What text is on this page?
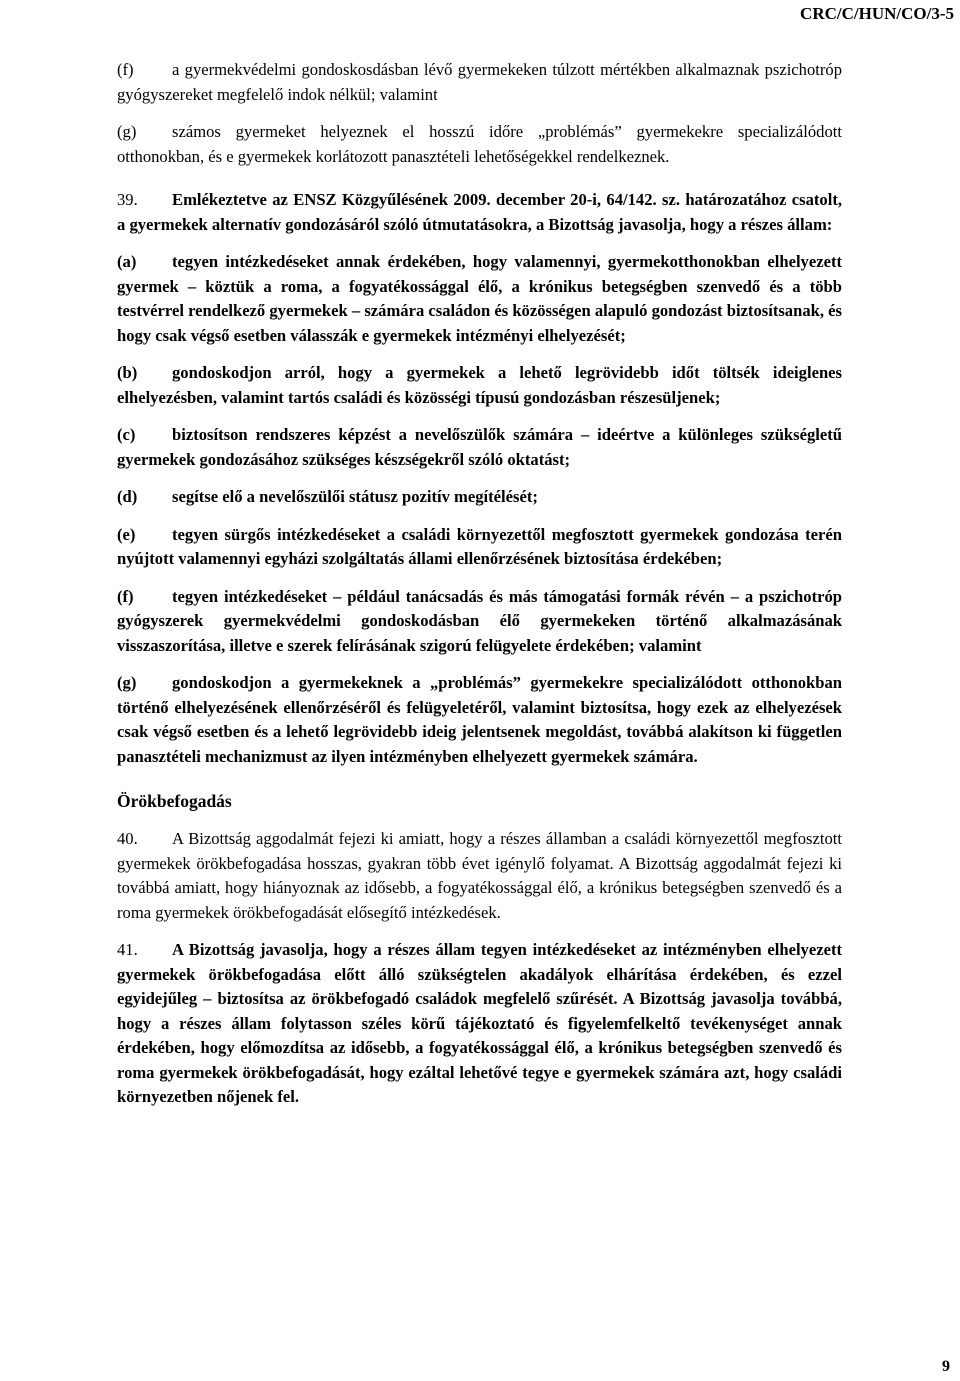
CRC/C/HUN/CO/3-5

(f) a gyermekvédelmi gondoskosdásban lévő gyermekeken túlzott mértékben alkalmaznak pszichotróp gyógyszereket megfelelő indok nélkül; valamint

(g) számos gyermeket helyeznek el hosszú időre „problémás” gyermekekre specializálódott otthonokban, és e gyermekek korlátozott panasztételi lehetőségekkel rendelkeznek.

39. Emlékeztetve az ENSZ Közgyűlésének 2009. december 20-i, 64/142. sz. határozatához csatolt, a gyermekek alternatív gondozásáról szóló útmutatásokra, a Bizottság javasolja, hogy a részes állam:

(a) tegyen intézkedéseket annak érdekében, hogy valamennyi, gyermekotthonokban elhelyezett gyermek – köztük a roma, a fogyatékossággal élő, a krónikus betegségben szenvedő és a több testvérrel rendelkező gyermekek – számára családon és közösségen alapuló gondozást biztosítsanak, és hogy csak végső esetben válasszák e gyermekek intézményi elhelyezését;

(b) gondoskodjon arról, hogy a gyermekek a lehető legrövidebb időt töltsék ideiglenes elhelyezésben, valamint tartós családi és közösségi típusú gondozásban részesüljenek;

(c) biztosítson rendszeres képzést a nevelőszülők számára – ideértve a különleges szükségletű gyermekek gondozásához szükséges készségekről szóló oktatást;

(d) segítse elő a nevelőszülői státusz pozitív megítélését;

(e) tegyen sürgős intézkedéseket a családi környezettől megfosztott gyermekek gondozása terén nyújtott valamennyi egyházi szolgáltatás állami ellenőrzésének biztosítása érdekében;

(f) tegyen intézkedéseket – például tanácsadás és más támogatási formák révén – a pszichotróp gyógyszerek gyermekvédelmi gondoskodásban élő gyermekeken történő alkalmazásának visszaszorítása, illetve e szerek felírásának szigorú felügyelete érdekében; valamint

(g) gondoskodjon a gyermekeknek a „problémás” gyermekekre specializálódott otthonokban történő elhelyezésének ellenőrzéséről és felügyeletéről, valamint biztosítsa, hogy ezek az elhelyezések csak végső esetben és a lehető legrövidebb ideig jelentsenek megoldást, továbbá alakítson ki független panasztételi mechanizmust az ilyen intézményben elhelyezett gyermekek számára.

Örökbefogadás

40. A Bizottság aggodalmát fejezi ki amiatt, hogy a részes államban a családi környezettől megfosztott gyermekek örökbefogadása hosszas, gyakran több évet igénylő folyamat. A Bizottság aggodalmát fejezi ki továbbá amiatt, hogy hiányoznak az idősebb, a fogyatékossággal élő, a krónikus betegségben szenvedő és a roma gyermekek örökbefogadását elősegítő intézkedések.

41. A Bizottság javasolja, hogy a részes állam tegyen intézkedéseket az intézményben elhelyezett gyermekek örökbefogadása előtt álló szükségtelen akadályok elhárítása érdekében, és ezzel egyidejűleg – biztosítsa az örökbefogadó családok megfelelő szűrését. A Bizottság javasolja továbbá, hogy a részes állam folytasson széles körű tájékoztató és figyelemfelkeltő tevékenységet annak érdekében, hogy előmozdítsa az idősebb, a fogyatékossággal élő, a krónikus betegségben szenvedő és roma gyermekek örökbefogadását, hogy ezáltal lehetővé tegye e gyermekek számára azt, hogy családi környezetben nőjenek fel.

9
